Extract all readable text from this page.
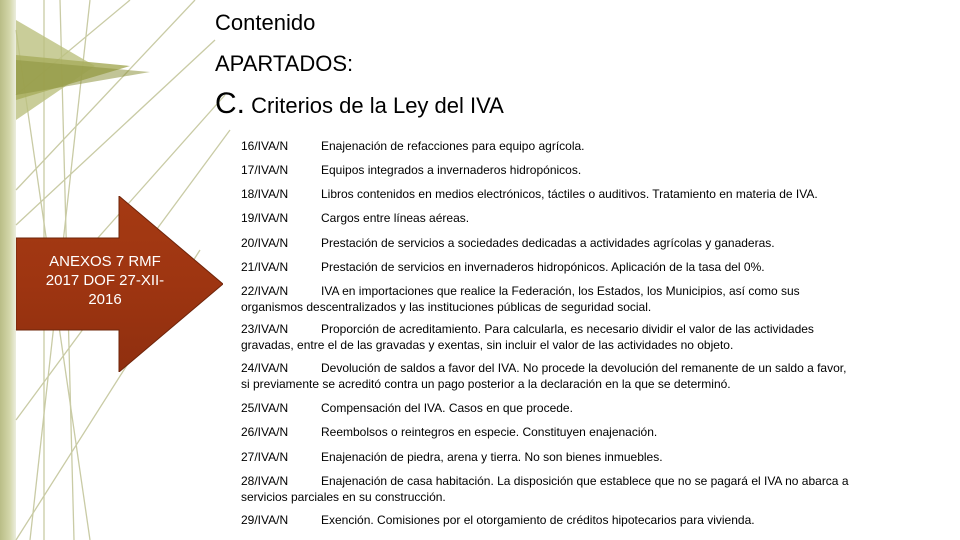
Contenido
APARTADOS:
C. Criterios de la Ley del IVA
ANEXOS 7 RMF
2017 DOF 27-XII-
2016
16/IVA/N	Enajenación de refacciones para equipo agrícola.
17/IVA/N	Equipos integrados a invernaderos hidropónicos.
18/IVA/N	Libros contenidos en medios electrónicos, táctiles o auditivos. Tratamiento en materia de IVA.
19/IVA/N	Cargos entre líneas aéreas.
20/IVA/N	Prestación de servicios a sociedades dedicadas a actividades agrícolas y ganaderas.
21/IVA/N	Prestación de servicios en invernaderos hidropónicos. Aplicación de la tasa del 0%.
22/IVA/N	IVA en importaciones que realice la Federación, los Estados, los Municipios, así como sus
organismos descentralizados y las instituciones públicas de seguridad social.
23/IVA/N	Proporción de acreditamiento. Para calcularla, es necesario dividir el valor de las actividades
gravadas, entre el de las gravadas y exentas, sin incluir el valor de las actividades no objeto.
24/IVA/N	Devolución de saldos a favor del IVA. No procede la devolución del remanente de un saldo a favor,
si previamente se acreditó contra un pago posterior a la declaración en la que se determinó.
25/IVA/N	Compensación del IVA. Casos en que procede.
26/IVA/N	Reembolsos o reintegros en especie. Constituyen enajenación.
27/IVA/N	Enajenación de piedra, arena y tierra. No son bienes inmuebles.
28/IVA/N	Enajenación de casa habitación. La disposición que establece que no se pagará el IVA no abarca a
servicios parciales en su construcción.
29/IVA/N	Exención. Comisiones por el otorgamiento de créditos hipotecarios para vivienda.
